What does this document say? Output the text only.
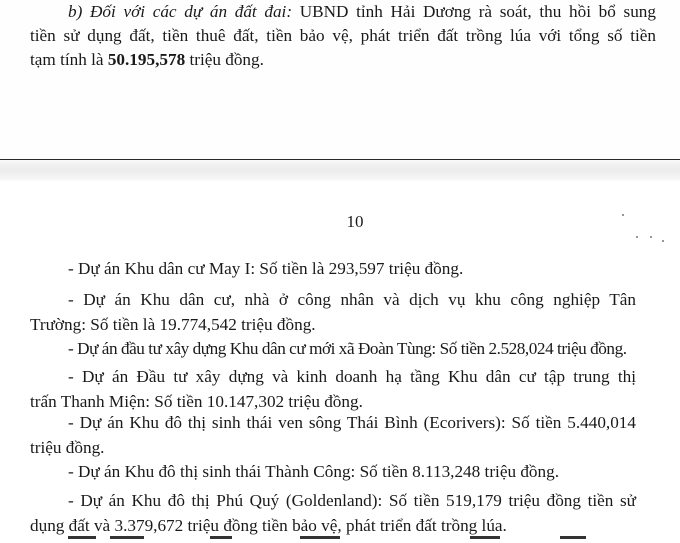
b) Đối với các dự án đất đai: UBND tỉnh Hải Dương rà soát, thu hồi bổ sung
tiền sử dụng đất, tiền thuê đất, tiền bảo vệ, phát triển đất trồng lúa với tổng số tiền
tạm tính là 50.195,578 triệu đồng.
10
- Dự án Khu dân cư May I: Số tiền là 293,597 triệu đồng.
- Dự án Khu dân cư, nhà ở công nhân và dịch vụ khu công nghiệp Tân
Trường: Số tiền là 19.774,542 triệu đồng.
- Dự án đầu tư xây dựng Khu dân cư mới xã Đoàn Tùng: Số tiền 2.528,024 triệu đồng.
- Dự án Đầu tư xây dựng và kinh doanh hạ tầng Khu dân cư tập trung thị
trấn Thanh Miện: Số tiền 10.147,302 triệu đồng.
- Dự án Khu đô thị sinh thái ven sông Thái Bình (Ecorivers): Số tiền 5.440,014
triệu đồng.
- Dự án Khu đô thị sinh thái Thành Công: Số tiền 8.113,248 triệu đồng.
- Dự án Khu đô thị Phú Quý (Goldenland): Số tiền 519,179 triệu đồng tiền sử
dụng đất và 3.379,672 triệu đồng tiền bảo vệ, phát triển đất trồng lúa.
